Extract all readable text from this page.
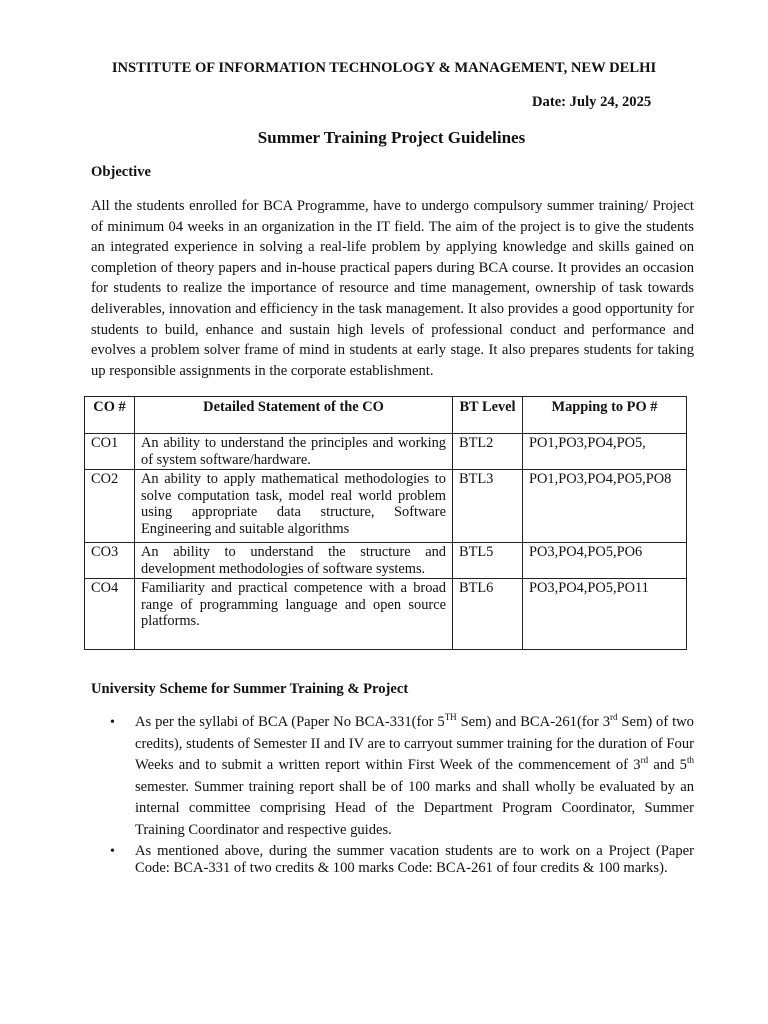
INSTITUTE OF INFORMATION TECHNOLOGY & MANAGEMENT, NEW DELHI
Date: July 24, 2025
Summer Training Project Guidelines
Objective
All the students enrolled for BCA Programme, have to undergo compulsory summer training/ Project of minimum 04 weeks in an organization in the IT field. The aim of the project is to give the students an integrated experience in solving a real-life problem by applying knowledge and skills gained on completion of theory papers and in-house practical papers during BCA course. It provides an occasion for students to realize the importance of resource and time management, ownership of task towards deliverables, innovation and efficiency in the task management. It also provides a good opportunity for students to build, enhance and sustain high levels of professional conduct and performance and evolves a problem solver frame of mind in students at early stage. It also prepares students for taking up responsible assignments in the corporate establishment.
CO #	Detailed Statement of the CO	BT Level	Mapping to PO #
CO1	An ability to understand the principles and working of system software/hardware.	BTL2	PO1,PO3,PO4,PO5,
CO2	An ability to apply mathematical methodologies to solve computation task, model real world problem using appropriate data structure, Software Engineering and suitable algorithms	BTL3	PO1,PO3,PO4,PO5,PO8
CO3	An ability to understand the structure and development methodologies of software systems.	BTL5	PO3,PO4,PO5,PO6
CO4	Familiarity and practical competence with a broad range of programming language and open source platforms.	BTL6	PO3,PO4,PO5,PO11
University Scheme for Summer Training & Project
• As per the syllabi of BCA (Paper No BCA-331(for 5TH Sem) and BCA-261(for 3rd Sem) of two credits), students of Semester II and IV are to carryout summer training for the duration of Four Weeks and to submit a written report within First Week of the commencement of 3rd and 5th semester. Summer training report shall be of 100 marks and shall wholly be evaluated by an internal committee comprising Head of the Department Program Coordinator, Summer Training Coordinator and respective guides.
• As mentioned above, during the summer vacation students are to work on a Project (Paper Code: BCA-331 of two credits & 100 marks Code: BCA-261 of four credits & 100 marks).
